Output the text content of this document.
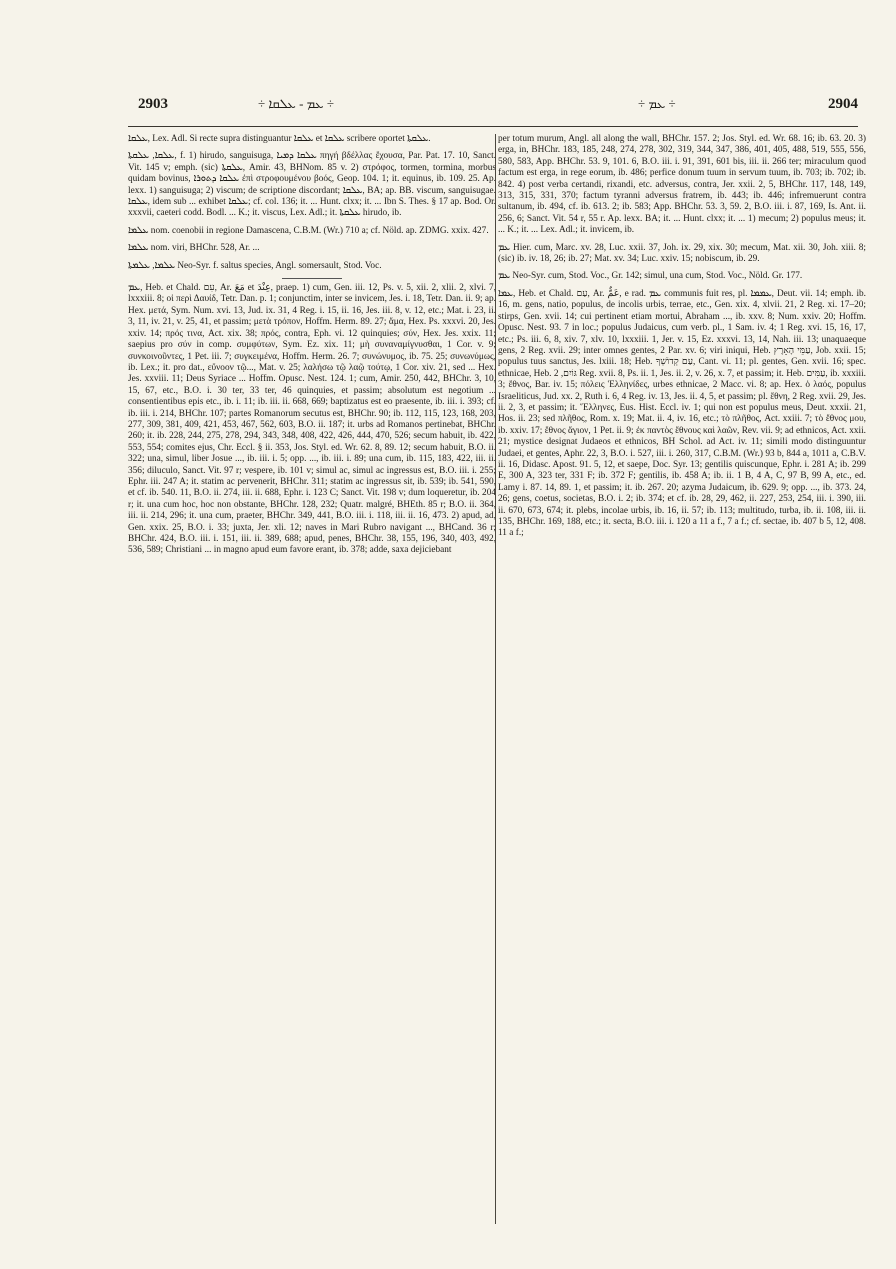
2903	÷ ܥܡ - ܥܠܩܐ ÷	÷ ܥܡ ÷	2904

ܥܠܩܐ, Lex. Adl. Si recte supra distinguantur ܥܠܩܐ et ܥܠܩܐ scribere oportet ܥܠܩܬܐ.

ܥܠܩܐ, ܥܠܩܬܐ, f. 1) hirudo, sanguisuga, ܥܠܩܐ ܕܡܝܐ πηγή βδέλλας ἔχουσα, Par. Pat. 17. 10, Sanct. Vit. 145 v; emph. (sic) ܥܠܩܬܐ, Amir. 43, BHNom. 85 v. 2) στρόφος, tormen, tormina, morbus quidam bovinus, ܥܠܩܐ ܕܬܘܪܐ ἐπὶ στροφουμένου βοός, Geop. 104. 1; it. equinus, ib. 109. 25. Ap. lexx. 1) sanguisuga; 2) viscum; de scriptione discordant; ܥܠܩܐ, BA; ap. BB. viscum, sanguisugae. ܥܠܩܐ, idem sub ... exhibet ܥܠܩܐ; cf. col. 136; it. ... Hunt. clxx; it. ... Ibn S. Thes. § 17 ap. Bod. Or. xxxvii, caeteri codd. Bodl. ... K.; it. viscus, Lex. Adl.; it. ܥܠܩܬܐ hirudo, ib.

ܥܠܡܐ nom. coenobii in regione Damascena, C.B.M. (Wr.) 710 a; cf. Nöld. ap. ZDMG. xxix. 427.

ܥܠܡܐ nom. viri, BHChr. 528, Ar. ...

ܥܠܡܐ, ܥܠܡܬܐ Neo-Syr. f. saltus species, Angl. somersault, Stod. Voc.

ܥܡ, Heb. et Chald. עִם, Ar. مَعَ et عِنْدَ, praep. 1) cum, Gen. iii. 12, Ps. v. 5, xii. 2, xlii. 2, xlvi. 7, lxxxiii. 8; οἱ περὶ Δαυίδ, Tetr. Dan. p. 1; conjunctim, inter se invicem, Jes. i. 18, Tetr. Dan. ii. 9; ap. Hex. μετά, Sym. Num. xvi. 13, Jud. ix. 31, 4 Reg. i. 15, ii. 16, Jes. iii. 8, v. 12, etc.; Mat. i. 23, ii. 3, 11, iv. 21, v. 25, 41, et passim; μετὰ τρόπον, Hoffm. Herm. 89. 27; ἅμα, Hex. Ps. xxxvi. 20, Jes. xxiv. 14; πρός τινα, Act. xix. 38; πρός, contra, Eph. vi. 12 quinquies; σύν, Hex. Jes. xxix. 11; saepius pro σύν in comp. συμφύτων, Sym. Ez. xix. 11; μὴ συναναμίγνυσθαι, 1 Cor. v. 9; συνκοινοῦντες, 1 Pet. iii. 7; συγκειμένα, Hoffm. Herm. 26. 7; συνώνυμος, ib. 75. 25; συνωνύμως, ib. Lex.; it. pro dat., εὔνοον τῷ..., Mat. v. 25; λαλήσω τῷ λαῷ τούτῳ, 1 Cor. xiv. 21, sed ... Hex. Jes. xxviii. 11; Deus Syriace ... Hoffm. Opusc. Nest. 124. 1; cum, Amir. 250, 442, BHChr. 3, 10, 15, 67, etc., B.O. i. 30 ter, 33 ter, 46 quinquies, et passim; absolutum est negotium ... consentientibus epis etc., ib. i. 11; ib. iii. ii. 668, 669; baptizatus est eo praesente, ib. iii. i. 393; cf. ib. iii. i. 214, BHChr. 107; partes Romanorum secutus est, BHChr. 90; ib. 112, 115, 123, 168, 203, 277, 309, 381, 409, 421, 453, 467, 562, 603, B.O. ii. 187; it. urbs ad Romanos pertinebat, BHChr. 260; it. ib. 228, 244, 275, 278, 294, 343, 348, 408, 422, 426, 444, 470, 526; secum habuit, ib. 422, 553, 554; comites ejus, Chr. Eccl. § ii. 353, Jos. Styl. ed. Wr. 62. 8, 89. 12; secum habuit, B.O. ii. 322; una, simul, liber Josue ..., ib. iii. i. 5; opp. ..., ib. iii. i. 89; una cum, ib. 115, 183, 422, iii. ii. 356; diluculo, Sanct. Vit. 97 r; vespere, ib. 101 v; simul ac, simul ac ingressus est, B.O. iii. i. 255; Ephr. iii. 247 A; it. statim ac pervenerit, BHChr. 311; statim ac ingressus sit, ib. 539; ib. 541, 590, et cf. ib. 540. 11, B.O. ii. 274, iii. ii. 688, Ephr. i. 123 C; Sanct. Vit. 198 v; dum loqueretur, ib. 204 r; it. una cum hoc, hoc non obstante, BHChr. 128, 232; Quatr. malgré, BHEth. 85 r; B.O. ii. 364, iii. ii. 214, 296; it. una cum, praeter, BHChr. 349, 441, B.O. iii. i. 118, iii. ii. 16, 473. 2) apud, ad, Gen. xxix. 25, B.O. i. 33; juxta, Jer. xli. 12; naves in Mari Rubro navigant ..., BHCand. 36 r; BHChr. 424, B.O. iii. i. 151, iii. ii. 389, 688; apud, penes, BHChr. 38, 155, 196, 340, 403, 492, 536, 589; Christiani ... in magno apud eum favore erant, ib. 378; adde, saxa dejiciebant

per totum murum, Angl. all along the wall, BHChr. 157. 2; Jos. Styl. ed. Wr. 68. 16; ib. 63. 20. 3) erga, in, BHChr. 183, 185, 248, 274, 278, 302, 319, 344, 347, 386, 401, 405, 488, 519, 555, 556, 580, 583, App. BHChr. 53. 9, 101. 6, B.O. iii. i. 91, 391, 601 bis, iii. ii. 266 ter; miraculum quod factum est erga, in rege eorum, ib. 486; perfice donum tuum in servum tuum, ib. 703; ib. 702; ib. 842. 4) post verba certandi, rixandi, etc. adversus, contra, Jer. xxii. 2, 5, BHChr. 117, 148, 149, 313, 315, 331, 370; factum tyranni adversus fratrem, ib. 443; ib. 446; infremuerunt contra sultanum, ib. 494, cf. ib. 613. 2; ib. 583; App. BHChr. 53. 3, 59. 2, B.O. iii. i. 87, 169, Is. Ant. ii. 256, 6; Sanct. Vit. 54 r, 55 r. Ap. lexx. BA; it. ... Hunt. clxx; it. ... 1) mecum; 2) populus meus; it. ... K.; it. ... Lex. Adl.; it. invicem, ib.

ܥܡ Hier. cum, Marc. xv. 28, Luc. xxii. 37, Joh. ix. 29, xix. 30; mecum, Mat. xii. 30, Joh. xiii. 8; (sic) ib. iv. 18, 26; ib. 27; Mat. xv. 34; Luc. xxiv. 15; nobiscum, ib. 29.

ܥܡ Neo-Syr. cum, Stod. Voc., Gr. 142; simul, una cum, Stod. Voc., Nöld. Gr. 177.

ܥܡܐ, Heb. et Chald. עַם, Ar. عَمٌّ, e rad. ܥܡ communis fuit res, pl. ܥܡܡܐ, Deut. vii. 14; emph. ib. 16, m. gens, natio, populus, de incolis urbis, terrae, etc., Gen. xix. 4, xlvii. 21, 2 Reg. xi. 17–20; stirps, Gen. xvii. 14; cui pertinent etiam mortui, Abraham ..., ib. xxv. 8; Num. xxiv. 20; Hoffm. Opusc. Nest. 93. 7 in loc.; populus Judaicus, cum verb. pl., 1 Sam. iv. 4; 1 Reg. xvi. 15, 16, 17, etc.; Ps. iii. 6, 8, xiv. 7, xlv. 10, lxxxiii. 1, Jer. v. 15, Ez. xxxvi. 13, 14, Nah. iii. 13; unaquaeque gens, 2 Reg. xvii. 29; inter omnes gentes, 2 Par. xv. 6; viri iniqui, Heb. עַמֵּי הָאָרֶץ, Job. xxii. 15; populus tuus sanctus, Jes. lxiii. 18; Heb. עַם קְדוֹשְׁךָ, Cant. vi. 11; pl. gentes, Gen. xvii. 16; spec. ethnicae, Heb. גּוֹיִם, 2 Reg. xvii. 8, Ps. ii. 1, Jes. ii. 2, v. 26, x. 7, et passim; it. Heb. עַמִּים, ib. xxxiii. 3; ἔθνος, Bar. iv. 15; πόλεις Ἑλληνίδες, urbes ethnicae, 2 Macc. vi. 8; ap. Hex. ὁ λαός, populus Israeliticus, Jud. xx. 2, Ruth i. 6, 4 Reg. iv. 13, Jes. ii. 4, 5, et passim; pl. ἔθνη, 2 Reg. xvii. 29, Jes. ii. 2, 3, et passim; it. Ἕλληνες, Eus. Hist. Eccl. iv. 1; qui non est populus meus, Deut. xxxii. 21, Hos. ii. 23; sed πλῆθος, Rom. x. 19; Mat. ii. 4, iv. 16, etc.; τὸ πλῆθος, Act. xxiii. 7; τὸ ἔθνος μου, ib. xxiv. 17; ἔθνος ἅγιον, 1 Pet. ii. 9; ἐκ παντὸς ἔθνους καὶ λαῶν, Rev. vii. 9; ad ethnicos, Act. xxii. 21; mystice designat Judaeos et ethnicos, BH Schol. ad Act. iv. 11; simili modo distinguuntur Judaei, et gentes, Aphr. 22, 3, B.O. i. 527, iii. i. 260, 317, C.B.M. (Wr.) 93 b, 844 a, 1011 a, C.B.V. ii. 16, Didasc. Apost. 91. 5, 12, et saepe, Doc. Syr. 13; gentilis quiscunque, Ephr. i. 281 A; ib. 299 E, 300 A, 323 ter, 331 F; ib. 372 F; gentilis, ib. 458 A; ib. ii. 1 B, 4 A, C, 97 B, 99 A, etc., ed. Lamy i. 87. 14, 89. 1, et passim; it. ib. 267. 20; azyma Judaicum, ib. 629. 9; opp. ..., ib. 373. 24, 26; gens, coetus, societas, B.O. i. 2; ib. 374; et cf. ib. 28, 29, 462, ii. 227, 253, 254, iii. i. 390, iii. ii. 670, 673, 674; it. plebs, incolae urbis, ib. 16, ii. 57; ib. 113; multitudo, turba, ib. ii. 108, iii. ii. 135, BHChr. 169, 188, etc.; it. secta, B.O. iii. i. 120 a 11 a f., 7 a f.; cf. sectae, ib. 407 b 5, 12, 408. 11 a f.;
